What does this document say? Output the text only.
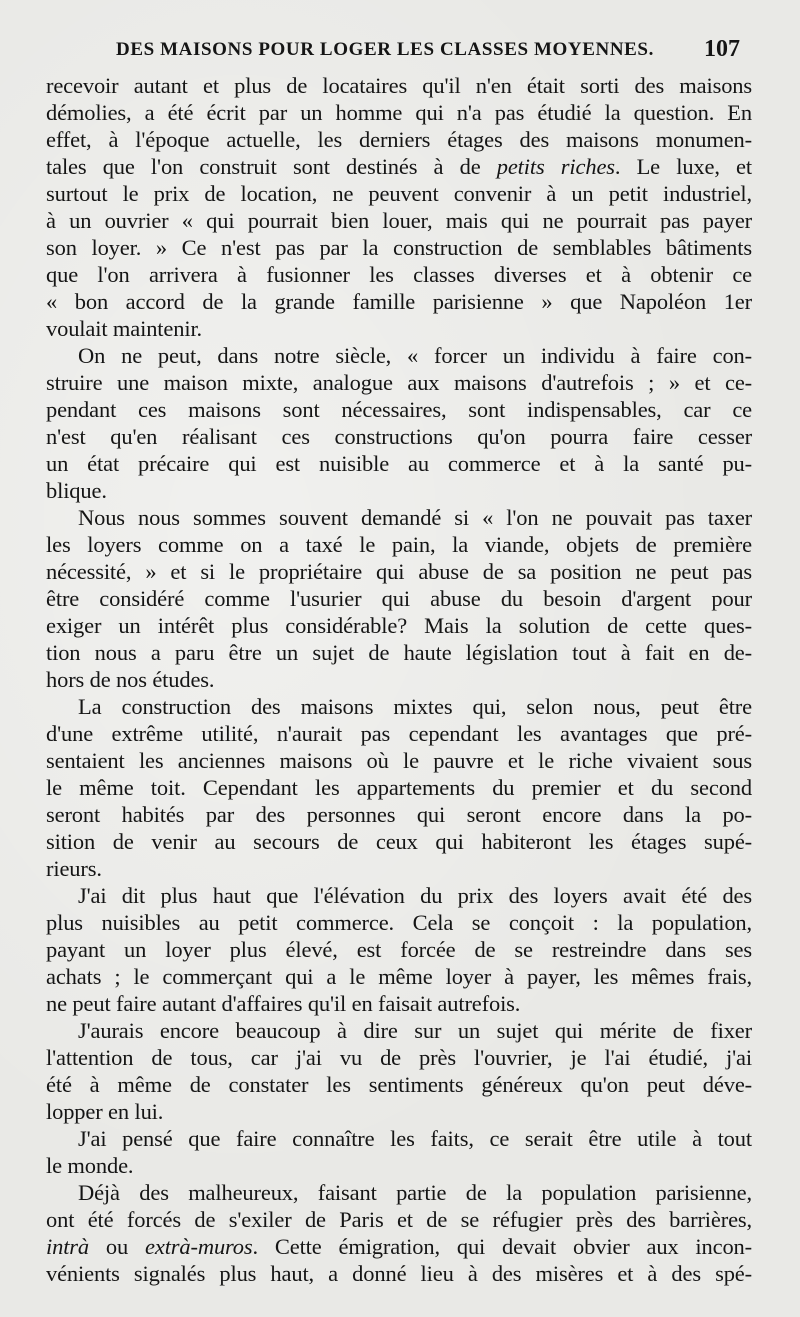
DES MAISONS POUR LOGER LES CLASSES MOYENNES. 107
recevoir autant et plus de locataires qu'il n'en était sorti des maisons
démolies, a été écrit par un homme qui n'a pas étudié la question. En
effet, à l'époque actuelle, les derniers étages des maisons monumen-
tales que l'on construit sont destinés à de petits riches. Le luxe, et
surtout le prix de location, ne peuvent convenir à un petit industriel,
à un ouvrier « qui pourrait bien louer, mais qui ne pourrait pas payer
son loyer. » Ce n'est pas par la construction de semblables bâtiments
que l'on arrivera à fusionner les classes diverses et à obtenir ce
« bon accord de la grande famille parisienne » que Napoléon 1er
voulait maintenir.
On ne peut, dans notre siècle, « forcer un individu à faire con-
struire une maison mixte, analogue aux maisons d'autrefois ; » et ce-
pendant ces maisons sont nécessaires, sont indispensables, car ce
n'est qu'en réalisant ces constructions qu'on pourra faire cesser
un état précaire qui est nuisible au commerce et à la santé pu-
blique.
Nous nous sommes souvent demandé si « l'on ne pouvait pas taxer
les loyers comme on a taxé le pain, la viande, objets de première
nécessité, » et si le propriétaire qui abuse de sa position ne peut pas
être considéré comme l'usurier qui abuse du besoin d'argent pour
exiger un intérêt plus considérable? Mais la solution de cette ques-
tion nous a paru être un sujet de haute législation tout à fait en de-
hors de nos études.
La construction des maisons mixtes qui, selon nous, peut être
d'une extrême utilité, n'aurait pas cependant les avantages que pré-
sentaient les anciennes maisons où le pauvre et le riche vivaient sous
le même toit. Cependant les appartements du premier et du second
seront habités par des personnes qui seront encore dans la po-
sition de venir au secours de ceux qui habiteront les étages supé-
rieurs.
J'ai dit plus haut que l'élévation du prix des loyers avait été des
plus nuisibles au petit commerce. Cela se conçoit : la population,
payant un loyer plus élevé, est forcée de se restreindre dans ses
achats ; le commerçant qui a le même loyer à payer, les mêmes frais,
ne peut faire autant d'affaires qu'il en faisait autrefois.
J'aurais encore beaucoup à dire sur un sujet qui mérite de fixer
l'attention de tous, car j'ai vu de près l'ouvrier, je l'ai étudié, j'ai
été à même de constater les sentiments généreux qu'on peut déve-
lopper en lui.
J'ai pensé que faire connaître les faits, ce serait être utile à tout
le monde.
Déjà des malheureux, faisant partie de la population parisienne,
ont été forcés de s'exiler de Paris et de se réfugier près des barrières,
intrà ou extrà-muros. Cette émigration, qui devait obvier aux incon-
vénients signalés plus haut, a donné lieu à des misères et à des spé-
